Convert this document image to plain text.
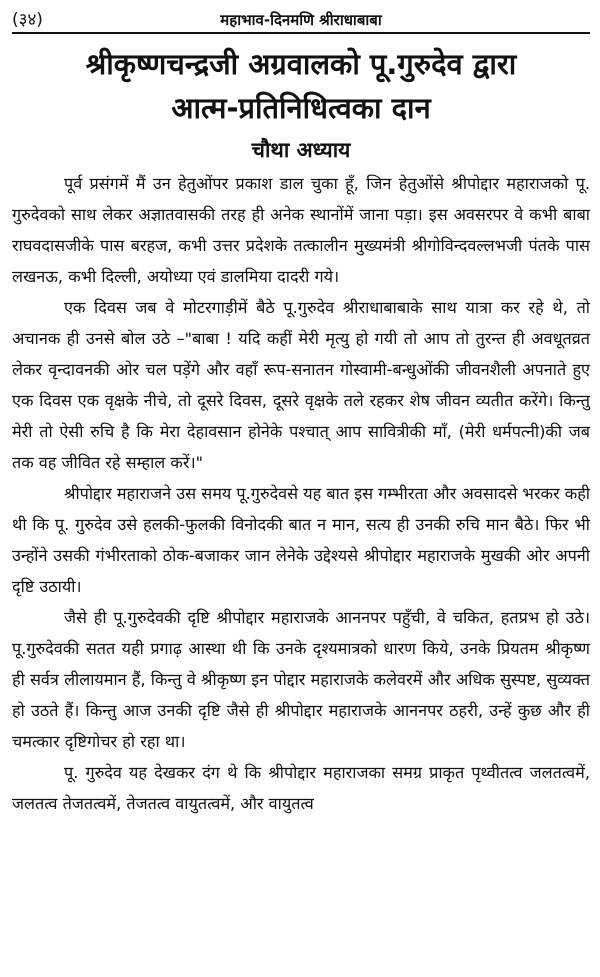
(३४)	महाभाव-दिनमणि श्रीराधाबाबा
श्रीकृष्णचन्द्रजी अग्रवालको पू.गुरुदेव द्वारा
आत्म-प्रतिनिधित्वका दान
चौथा अध्याय

पूर्व प्रसंगमें मैं उन हेतुओंपर प्रकाश डाल चुका हूँ, जिन हेतुओंसे श्रीपोद्दार महाराजको पू. गुरुदेवको साथ लेकर अज्ञातवासकी तरह ही अनेक स्थानोंमें जाना पड़ा। इस अवसरपर वे कभी बाबा राघवदासजीके पास बरहज, कभी उत्तर प्रदेशके तत्कालीन मुख्यमंत्री श्रीगोविन्दवल्लभजी पंतके पास लखनऊ, कभी दिल्ली, अयोध्या एवं डालमिया दादरी गये।

एक दिवस जब वे मोटरगाड़ीमें बैठे पू.गुरुदेव श्रीराधाबाबाके साथ यात्रा कर रहे थे, तो अचानक ही उनसे बोल उठे –"बाबा ! यदि कहीं मेरी मृत्यु हो गयी तो आप तो तुरन्त ही अवधूतव्रत लेकर वृन्दावनकी ओर चल पड़ेंगे और वहाँ रूप-सनातन गोस्वामी-बन्धुओंकी जीवनशैली अपनाते हुए एक दिवस एक वृक्षके नीचे, तो दूसरे दिवस, दूसरे वृक्षके तले रहकर शेष जीवन व्यतीत करेंगे। किन्तु मेरी तो ऐसी रुचि है कि मेरा देहावसान होनेके पश्चात् आप सावित्रीकी माँ, (मेरी धर्मपत्नी)की जब तक वह जीवित रहे सम्हाल करें।"

श्रीपोद्दार महाराजने उस समय पू.गुरुदेवसे यह बात इस गम्भीरता और अवसादसे भरकर कही थी कि पू. गुरुदेव उसे हलकी-फुलकी विनोदकी बात न मान, सत्य ही उनकी रुचि मान बैठे। फिर भी उन्होंने उसकी गंभीरताको ठोक-बजाकर जान लेनेके उद्देश्यसे श्रीपोद्दार महाराजके मुखकी ओर अपनी दृष्टि उठायी।

जैसे ही पू.गुरुदेवकी दृष्टि श्रीपोद्दार महाराजके आननपर पहुँची, वे चकित, हतप्रभ हो उठे। पू.गुरुदेवकी सतत यही प्रगाढ़ आस्था थी कि उनके दृश्यमात्रको धारण किये, उनके प्रियतम श्रीकृष्ण ही सर्वत्र लीलायमान हैं, किन्तु वे श्रीकृष्ण इन पोद्दार महाराजके कलेवरमें और अधिक सुस्पष्ट, सुव्यक्त हो उठते हैं। किन्तु आज उनकी दृष्टि जैसे ही श्रीपोद्दार महाराजके आननपर ठहरी, उन्हें कुछ और ही चमत्कार दृष्टिगोचर हो रहा था।

पू. गुरुदेव यह देखकर दंग थे कि श्रीपोद्दार महाराजका समग्र प्राकृत पृथ्वीतत्व जलतत्वमें, जलतत्व तेजतत्वमें, तेजतत्व वायुतत्वमें, और वायुतत्व
